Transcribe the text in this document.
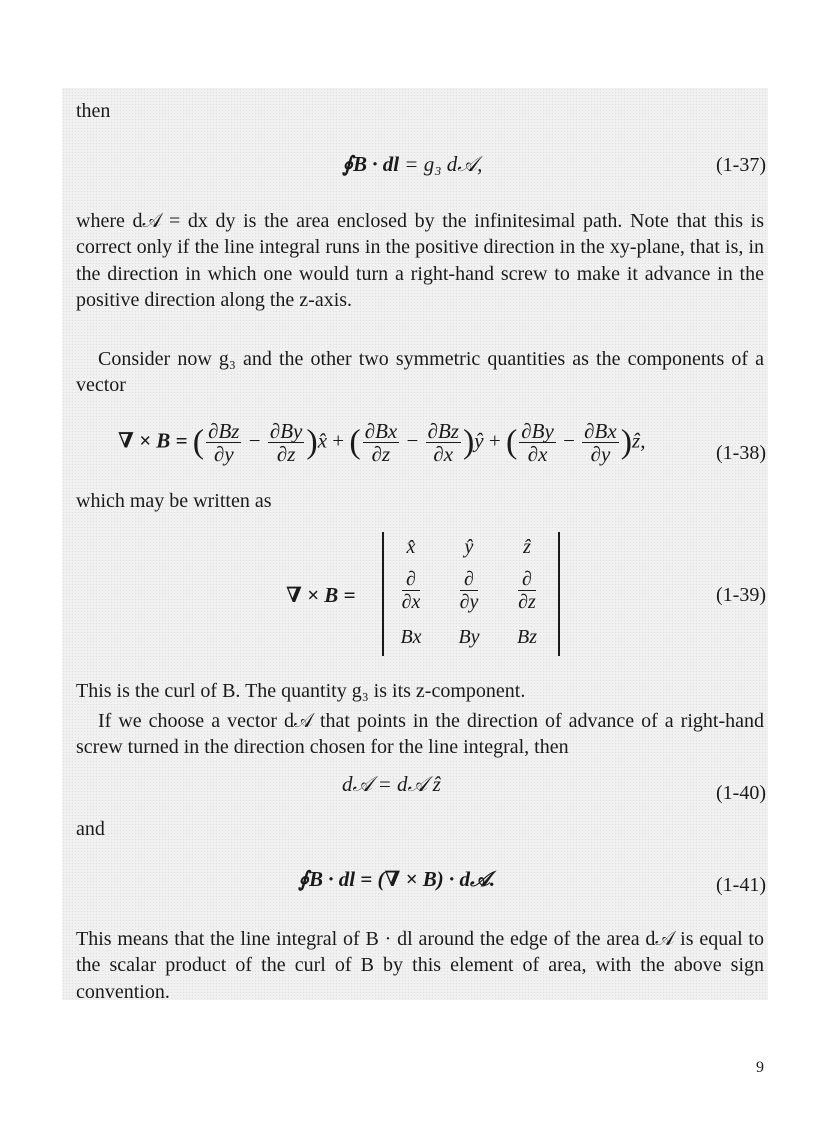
then

∮B · dl = g₃ d𝒜,	(1-37)

where d𝒜 = dx dy is the area enclosed by the infinitesimal path. Note that this is correct only if the line integral runs in the positive direction in the xy-plane, that is, in the direction in which one would turn a right-hand screw to make it advance in the positive direction along the z-axis.

Consider now g₃ and the other two symmetric quantities as the components of a vector

∇ × B = ( $\frac{\partial Bz}{\partial y} - \frac{\partial By}{\partial z}$ )x̂ + ( $\frac{\partial Bx}{\partial z} - \frac{\partial Bz}{\partial x}$ )ŷ + ( $\frac{\partial By}{\partial x} - \frac{\partial Bx}{\partial y}$ )ẑ,
(1-38)

which may be written as

∇ × B =
x̂	ŷ	ẑ
$\frac{\partial}{\partial x} \frac{\partial}{\partial y} \frac{\partial}{\partial z}$
Bx	By	Bz
(1-39)

This is the curl of B. The quantity g₃ is its z-component.

If we choose a vector d𝒜 that points in the direction of advance of a right-hand screw turned in the direction chosen for the line integral, then

d𝒜 = d𝒜 ẑ	(1-40)

and

∮B · dl = (∇ × B) · d𝒜.	(1-41)

This means that the line integral of B · dl around the edge of the area d𝒜 is equal to the scalar product of the curl of B by this element of area, with the above sign convention.

9
